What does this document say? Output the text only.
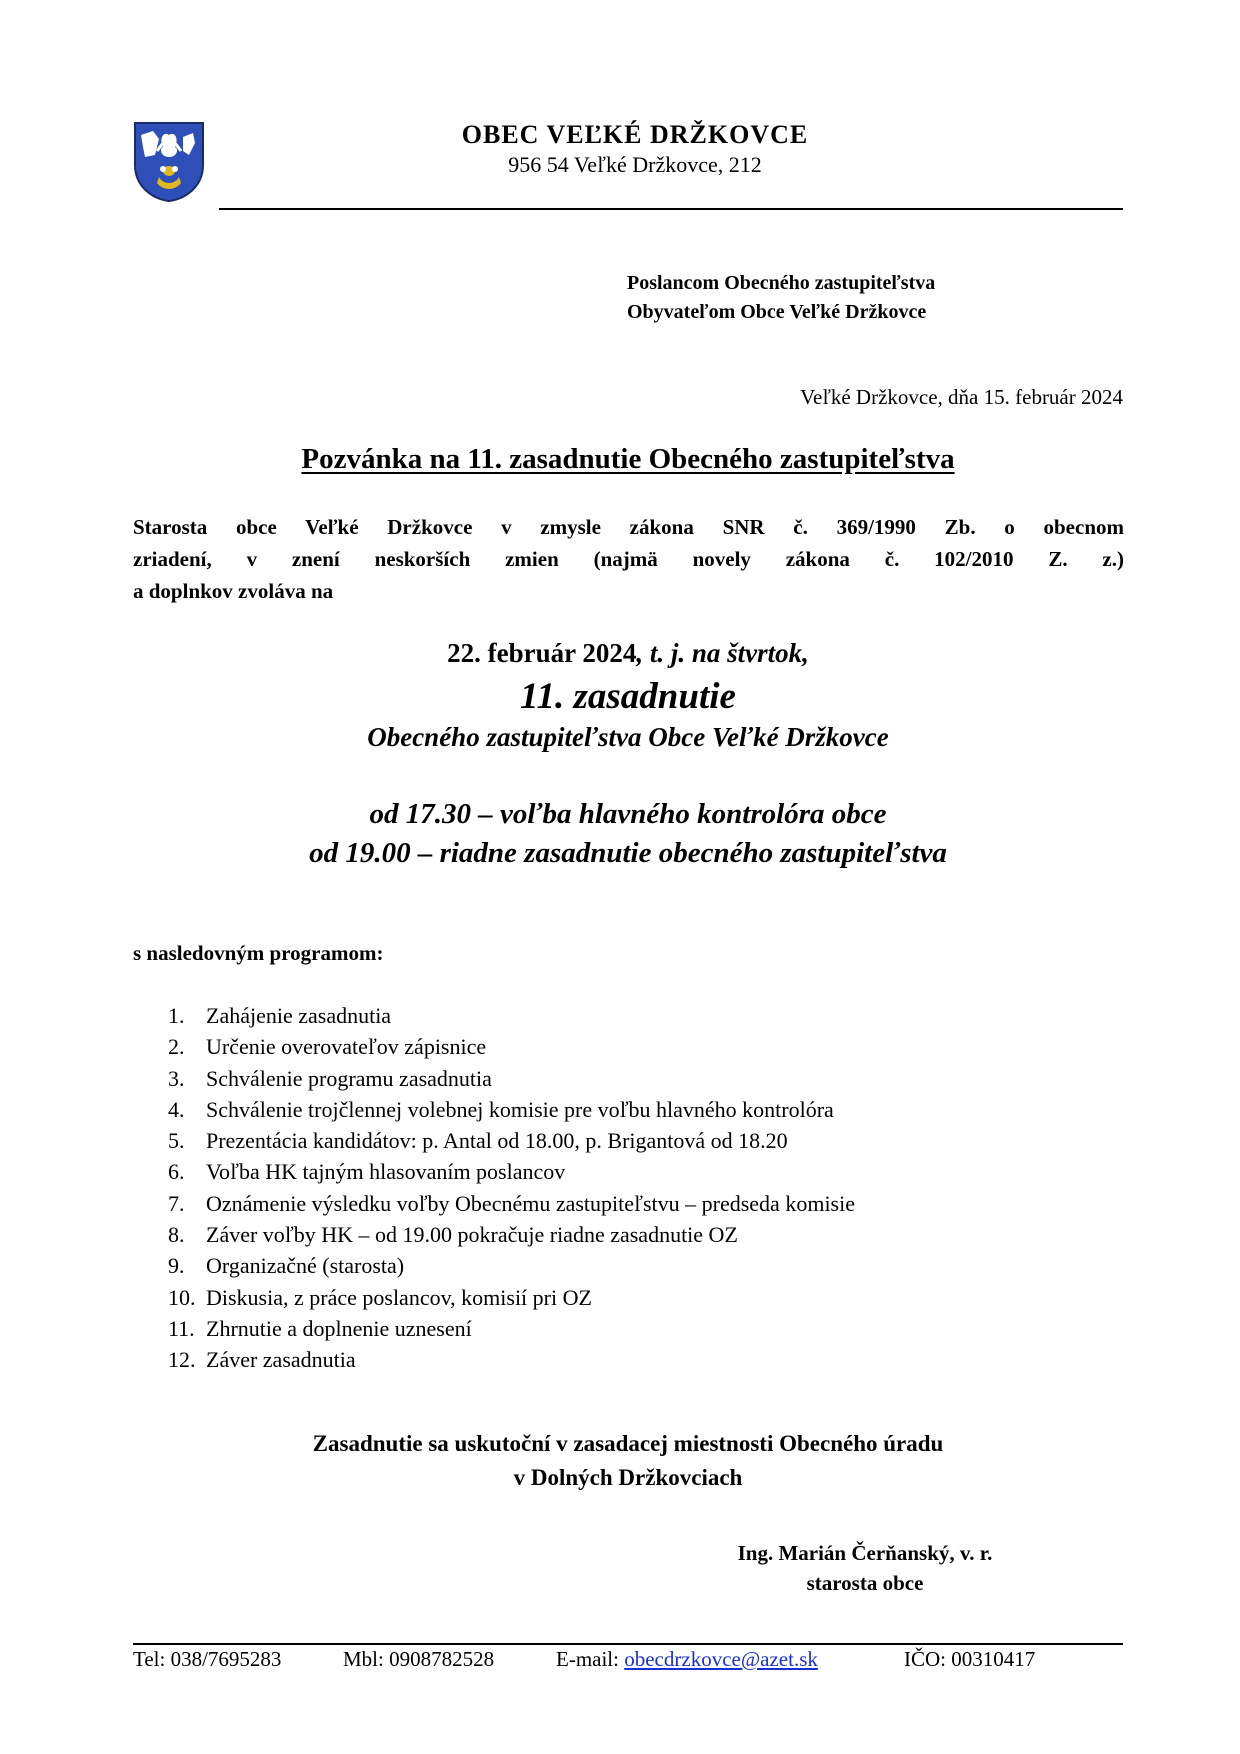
OBEC VEĽKÉ DRŽKOVCE
956 54 Veľké Držkovce, 212
Poslancom Obecného zastupiteľstva
Obyvateľom Obce Veľké Držkovce
Veľké Držkovce, dňa 15. február 2024
Pozvánka na 11. zasadnutie Obecného zastupiteľstva
Starosta obce Veľké Držkovce v zmysle zákona SNR č. 369/1990 Zb. o obecnom
zriadení, v znení neskorších zmien (najmä novely zákona č. 102/2010 Z. z.)
a doplnkov zvoláva na
22. február 2024, t. j. na štvrtok,
11. zasadnutie
Obecného zastupiteľstva Obce Veľké Držkovce
od 17.30 – voľba hlavného kontrolóra obce
od 19.00 – riadne zasadnutie obecného zastupiteľstva
s nasledovným programom:
1. Zahájenie zasadnutia
2. Určenie overovateľov zápisnice
3. Schválenie programu zasadnutia
4. Schválenie trojčlennej volebnej komisie pre voľbu hlavného kontrolóra
5. Prezentácia kandidátov: p. Antal od 18.00, p. Brigantová od 18.20
6. Voľba HK tajným hlasovaním poslancov
7. Oznámenie výsledku voľby Obecnému zastupiteľstvu – predseda komisie
8. Záver voľby HK – od 19.00 pokračuje riadne zasadnutie OZ
9. Organizačné (starosta)
10. Diskusia, z práce poslancov, komisií pri OZ
11. Zhrnutie a doplnenie uznesení
12. Záver zasadnutia
Zasadnutie sa uskutoční v zasadacej miestnosti Obecného úradu
v Dolných Držkovciach
Ing. Marián Čerňanský, v. r.
starosta obce
Tel: 038/7695283	Mbl: 0908782528	E-mail: obecdrzkovce@azet.sk	IČO: 00310417
